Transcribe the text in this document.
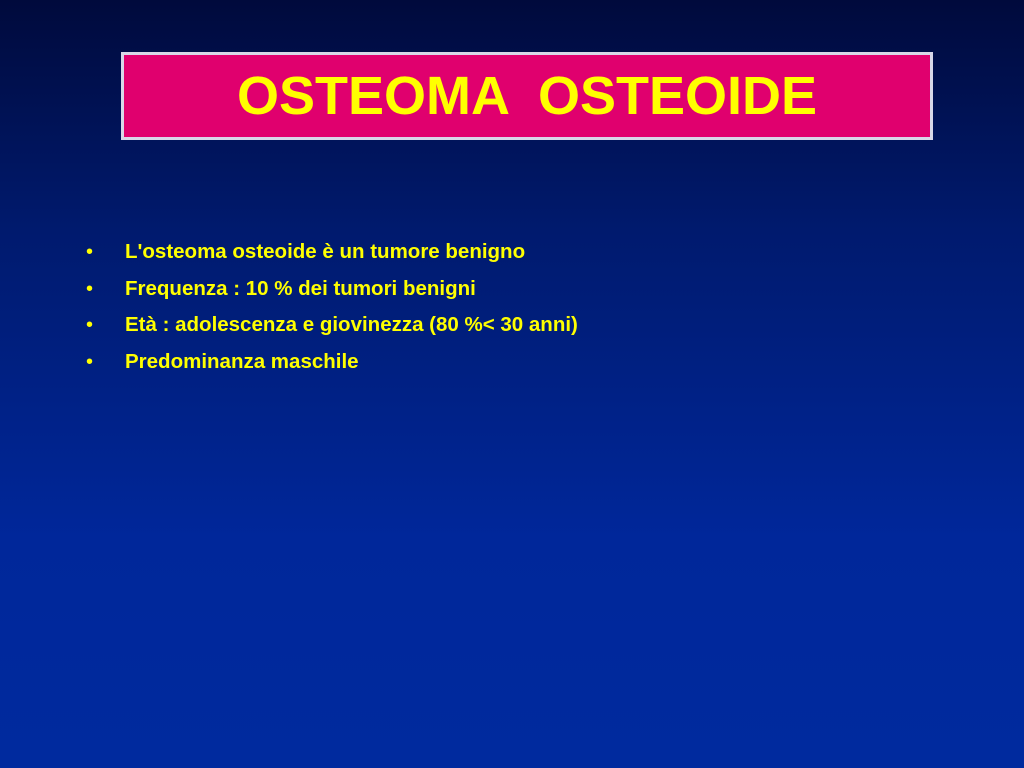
OSTEOMA  OSTEOIDE
•	L'osteoma osteoide è un tumore benigno
•	Frequenza : 10 % dei tumori benigni
•	Età : adolescenza e giovinezza (80 %< 30 anni)
•	Predominanza maschile
